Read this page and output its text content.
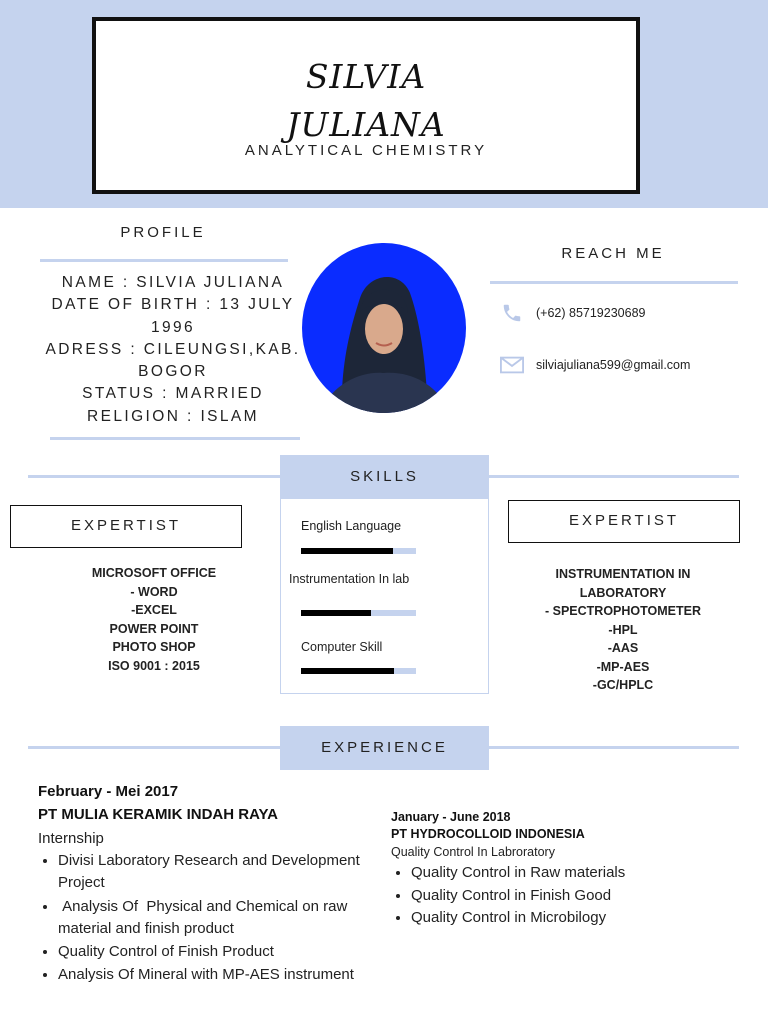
SILVIA
JULIANA
ANALYTICAL CHEMISTRY
PROFILE
NAME : SILVIA JULIANA
DATE OF BIRTH : 13 JULY
1996
ADRESS : CILEUNGSI,KAB.
BOGOR
STATUS : MARRIED
RELIGION : ISLAM
REACH ME
(+62) 85719230689
silviajuliana599@gmail.com
SKILLS
English Language
Instrumentation In lab
Computer Skill
EXPERTIST
MICROSOFT OFFICE
- WORD
-EXCEL
POWER POINT
PHOTO SHOP
ISO 9001 : 2015
EXPERTIST
INSTRUMENTATION IN
LABORATORY
- SPECTROPHOTOMETER
-HPL
-AAS
-MP-AES
-GC/HPLC
EXPERIENCE
February - Mei 2017
PT MULIA KERAMIK INDAH RAYA
Internship
• Divisi Laboratory Research and Development Project
•  Analysis Of  Physical and Chemical on raw material and finish product
• Quality Control of Finish Product
• Analysis Of Mineral with MP-AES instrument
January - June 2018
PT HYDROCOLLOID INDONESIA
Quality Control In Labroratory
• Quality Control in Raw materials
• Quality Control in Finish Good
• Quality Control in Microbilogy
